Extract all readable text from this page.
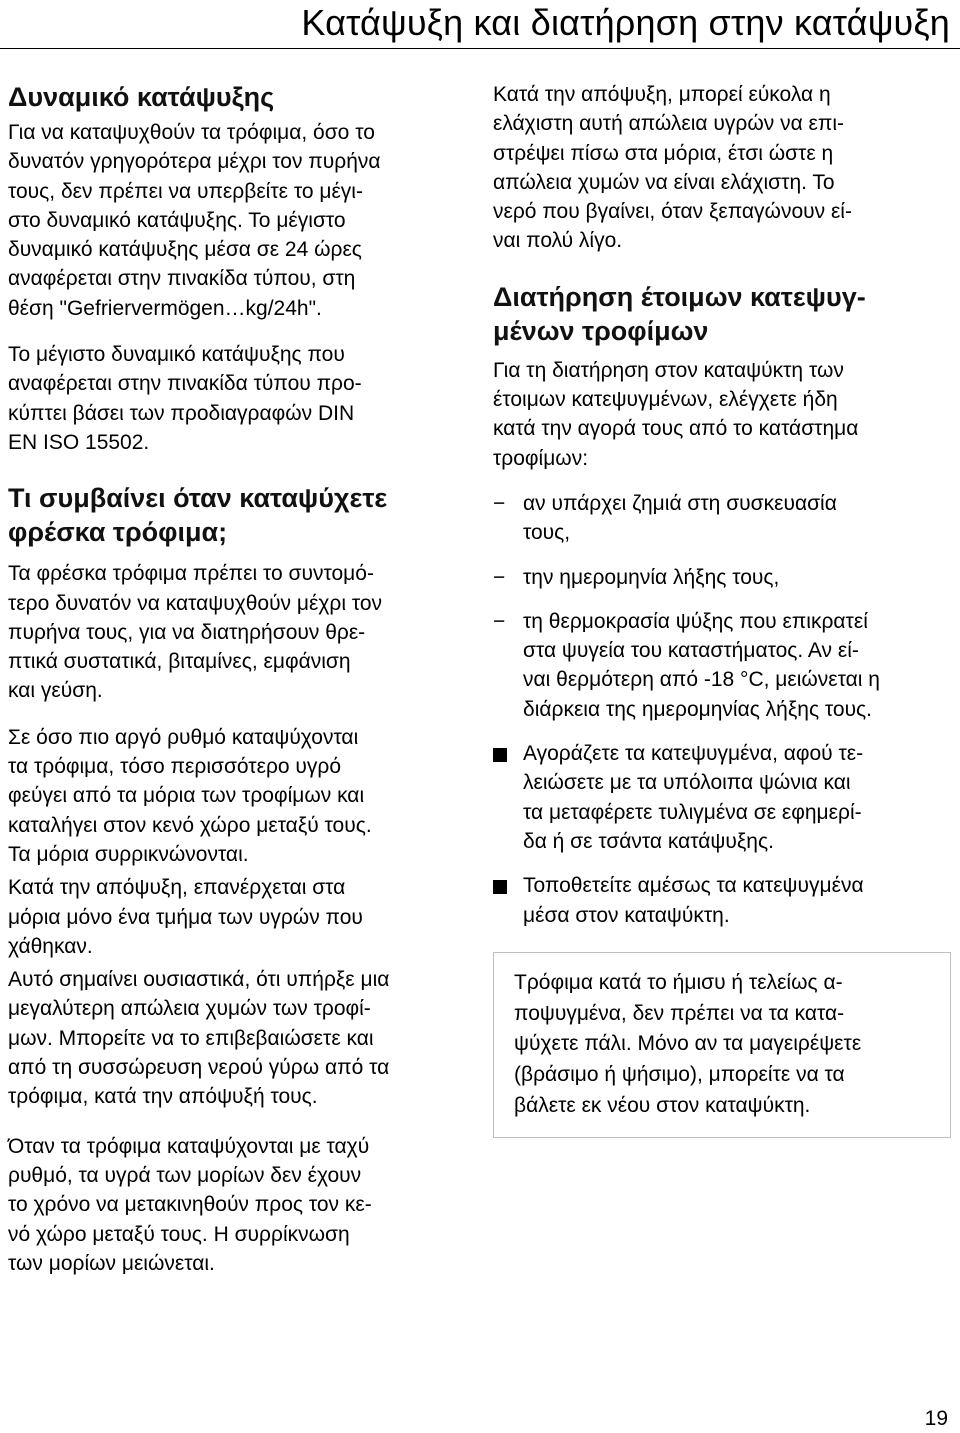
Κατάψυξη και διατήρηση στην κατάψυξη
Δυναμικό κατάψυξης

Για να καταψυχθούν τα τρόφιμα, όσο το
δυνατόν γρηγορότερα μέχρι τον πυρήνα
τους, δεν πρέπει να υπερβείτε το μέγι-
στο δυναμικό κατάψυξης. Το μέγιστο
δυναμικό κατάψυξης μέσα σε 24 ώρες
αναφέρεται στην πινακίδα τύπου, στη
θέση "Gefriervermögen…kg/24h".

Το μέγιστο δυναμικό κατάψυξης που
αναφέρεται στην πινακίδα τύπου προ-
κύπτει βάσει των προδιαγραφών DIN
EN ISO 15502.

Τι συμβαίνει όταν καταψύχετε
φρέσκα τρόφιμα;

Τα φρέσκα τρόφιμα πρέπει το συντομό-
τερο δυνατόν να καταψυχθούν μέχρι τον
πυρήνα τους, για να διατηρήσουν θρε-
πτικά συστατικά, βιταμίνες, εμφάνιση
και γεύση.

Σε όσο πιο αργό ρυθμό καταψύχονται
τα τρόφιμα, τόσο περισσότερο υγρό
φεύγει από τα μόρια των τροφίμων και
καταλήγει στον κενό χώρο μεταξύ τους.
Τα μόρια συρρικνώνονται.

Κατά την απόψυξη, επανέρχεται στα
μόρια μόνο ένα τμήμα των υγρών που
χάθηκαν.

Αυτό σημαίνει ουσιαστικά, ότι υπήρξε μια
μεγαλύτερη απώλεια χυμών των τροφί-
μων. Μπορείτε να το επιβεβαιώσετε και
από τη συσσώρευση νερού γύρω από τα
τρόφιμα, κατά την απόψυξή τους.

Όταν τα τρόφιμα καταψύχονται με ταχύ
ρυθμό, τα υγρά των μορίων δεν έχουν
το χρόνο να μετακινηθούν προς τον κε-
νό χώρο μεταξύ τους. Η συρρίκνωση
των μορίων μειώνεται.

Κατά την απόψυξη, μπορεί εύκολα η
ελάχιστη αυτή απώλεια υγρών να επι-
στρέψει πίσω στα μόρια, έτσι ώστε η
απώλεια χυμών να είναι ελάχιστη. Το
νερό που βγαίνει, όταν ξεπαγώνουν εί-
ναι πολύ λίγο.

Διατήρηση έτοιμων κατεψυγ-
μένων τροφίμων

Για τη διατήρηση στον καταψύκτη των
έτοιμων κατεψυγμένων, ελέγχετε ήδη
κατά την αγορά τους από το κατάστημα
τροφίμων:

− αν υπάρχει ζημιά στη συσκευασία
τους,
− την ημερομηνία λήξης τους,
− τη θερμοκρασία ψύξης που επικρατεί
στα ψυγεία του καταστήματος. Αν εί-
ναι θερμότερη από -18 °C, μειώνεται η
διάρκεια της ημερομηνίας λήξης τους.
Αγοράζετε τα κατεψυγμένα, αφού τε-
λειώσετε με τα υπόλοιπα ψώνια και
τα μεταφέρετε τυλιγμένα σε εφημερί-
δα ή σε τσάντα κατάψυξης.
Τοποθετείτε αμέσως τα κατεψυγμένα
μέσα στον καταψύκτη.

Τρόφιμα κατά το ήμισυ ή τελείως α-
ποψυγμένα, δεν πρέπει να τα κατα-
ψύχετε πάλι. Μόνο αν τα μαγειρέψετε
(βράσιμο ή ψήσιμο), μπορείτε να τα
βάλετε εκ νέου στον καταψύκτη.

19
